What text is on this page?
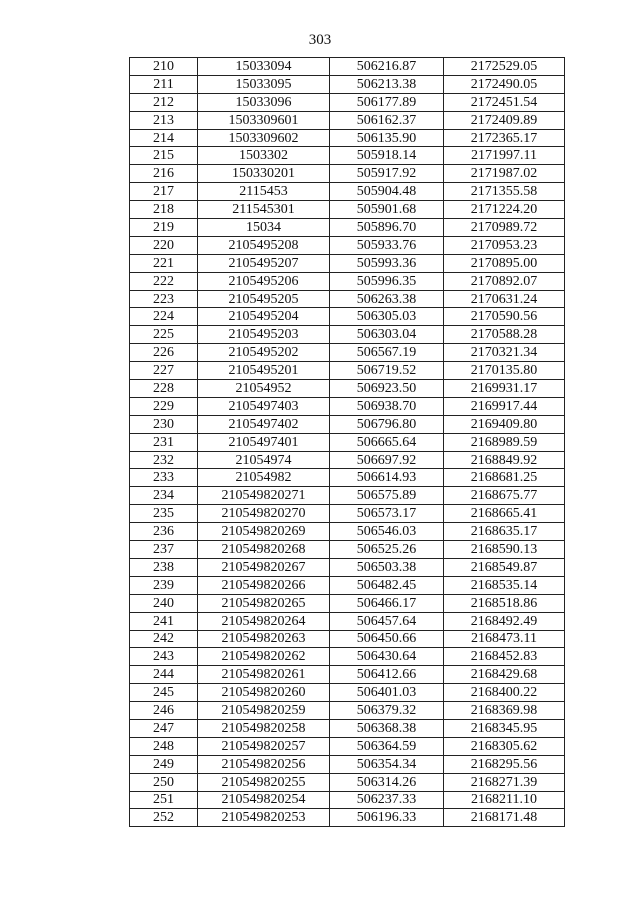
303
210	15033094	506216.87	2172529.05
211	15033095	506213.38	2172490.05
212	15033096	506177.89	2172451.54
213	1503309601	506162.37	2172409.89
214	1503309602	506135.90	2172365.17
215	1503302	505918.14	2171997.11
216	150330201	505917.92	2171987.02
217	2115453	505904.48	2171355.58
218	211545301	505901.68	2171224.20
219	15034	505896.70	2170989.72
220	2105495208	505933.76	2170953.23
221	2105495207	505993.36	2170895.00
222	2105495206	505996.35	2170892.07
223	2105495205	506263.38	2170631.24
224	2105495204	506305.03	2170590.56
225	2105495203	506303.04	2170588.28
226	2105495202	506567.19	2170321.34
227	2105495201	506719.52	2170135.80
228	21054952	506923.50	2169931.17
229	2105497403	506938.70	2169917.44
230	2105497402	506796.80	2169409.80
231	2105497401	506665.64	2168989.59
232	21054974	506697.92	2168849.92
233	21054982	506614.93	2168681.25
234	210549820271	506575.89	2168675.77
235	210549820270	506573.17	2168665.41
236	210549820269	506546.03	2168635.17
237	210549820268	506525.26	2168590.13
238	210549820267	506503.38	2168549.87
239	210549820266	506482.45	2168535.14
240	210549820265	506466.17	2168518.86
241	210549820264	506457.64	2168492.49
242	210549820263	506450.66	2168473.11
243	210549820262	506430.64	2168452.83
244	210549820261	506412.66	2168429.68
245	210549820260	506401.03	2168400.22
246	210549820259	506379.32	2168369.98
247	210549820258	506368.38	2168345.95
248	210549820257	506364.59	2168305.62
249	210549820256	506354.34	2168295.56
250	210549820255	506314.26	2168271.39
251	210549820254	506237.33	2168211.10
252	210549820253	506196.33	2168171.48
